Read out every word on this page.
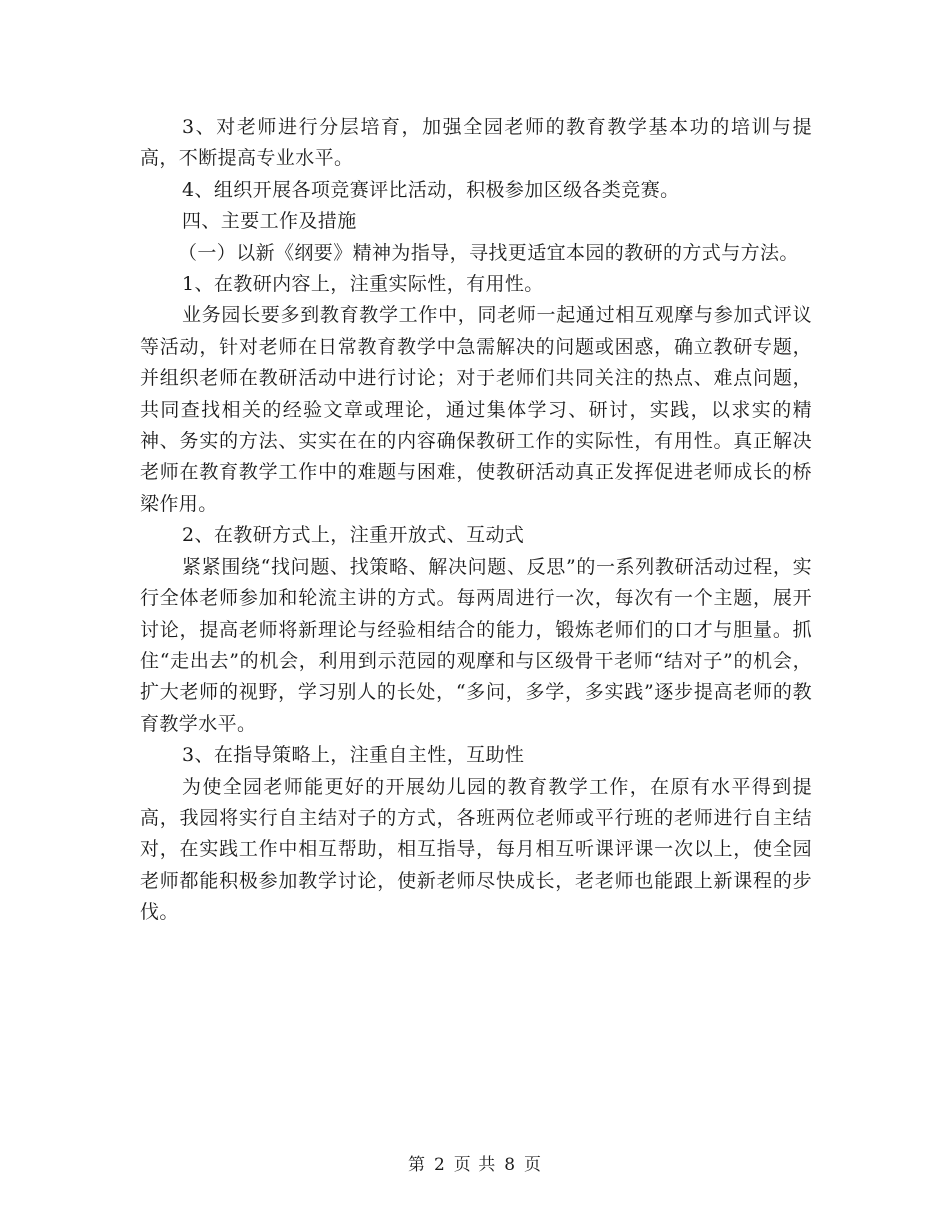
3、对老师进行分层培育，加强全园老师的教育教学基本功的培训与提高，不断提高专业水平。

4、组织开展各项竞赛评比活动，积极参加区级各类竞赛。

四、主要工作及措施

（一）以新《纲要》精神为指导，寻找更适宜本园的教研的方式与方法。

1、在教研内容上，注重实际性，有用性。

业务园长要多到教育教学工作中，同老师一起通过相互观摩与参加式评议等活动，针对老师在日常教育教学中急需解决的问题或困惑，确立教研专题，并组织老师在教研活动中进行讨论；对于老师们共同关注的热点、难点问题，共同查找相关的经验文章或理论，通过集体学习、研讨，实践，以求实的精神、务实的方法、实实在在的内容确保教研工作的实际性，有用性。真正解决老师在教育教学工作中的难题与困难，使教研活动真正发挥促进老师成长的桥梁作用。

2、在教研方式上，注重开放式、互动式

紧紧围绕“找问题、找策略、解决问题、反思”的一系列教研活动过程，实行全体老师参加和轮流主讲的方式。每两周进行一次，每次有一个主题，展开讨论，提高老师将新理论与经验相结合的能力，锻炼老师们的口才与胆量。抓住“走出去”的机会，利用到示范园的观摩和与区级骨干老师“结对子”的机会，扩大老师的视野，学习别人的长处，“多问，多学，多实践”逐步提高老师的教育教学水平。

3、在指导策略上，注重自主性，互助性

为使全园老师能更好的开展幼儿园的教育教学工作，在原有水平得到提高，我园将实行自主结对子的方式，各班两位老师或平行班的老师进行自主结对，在实践工作中相互帮助，相互指导，每月相互听课评课一次以上，使全园老师都能积极参加教学讨论，使新老师尽快成长，老老师也能跟上新课程的步伐。

第 2 页 共 8 页
